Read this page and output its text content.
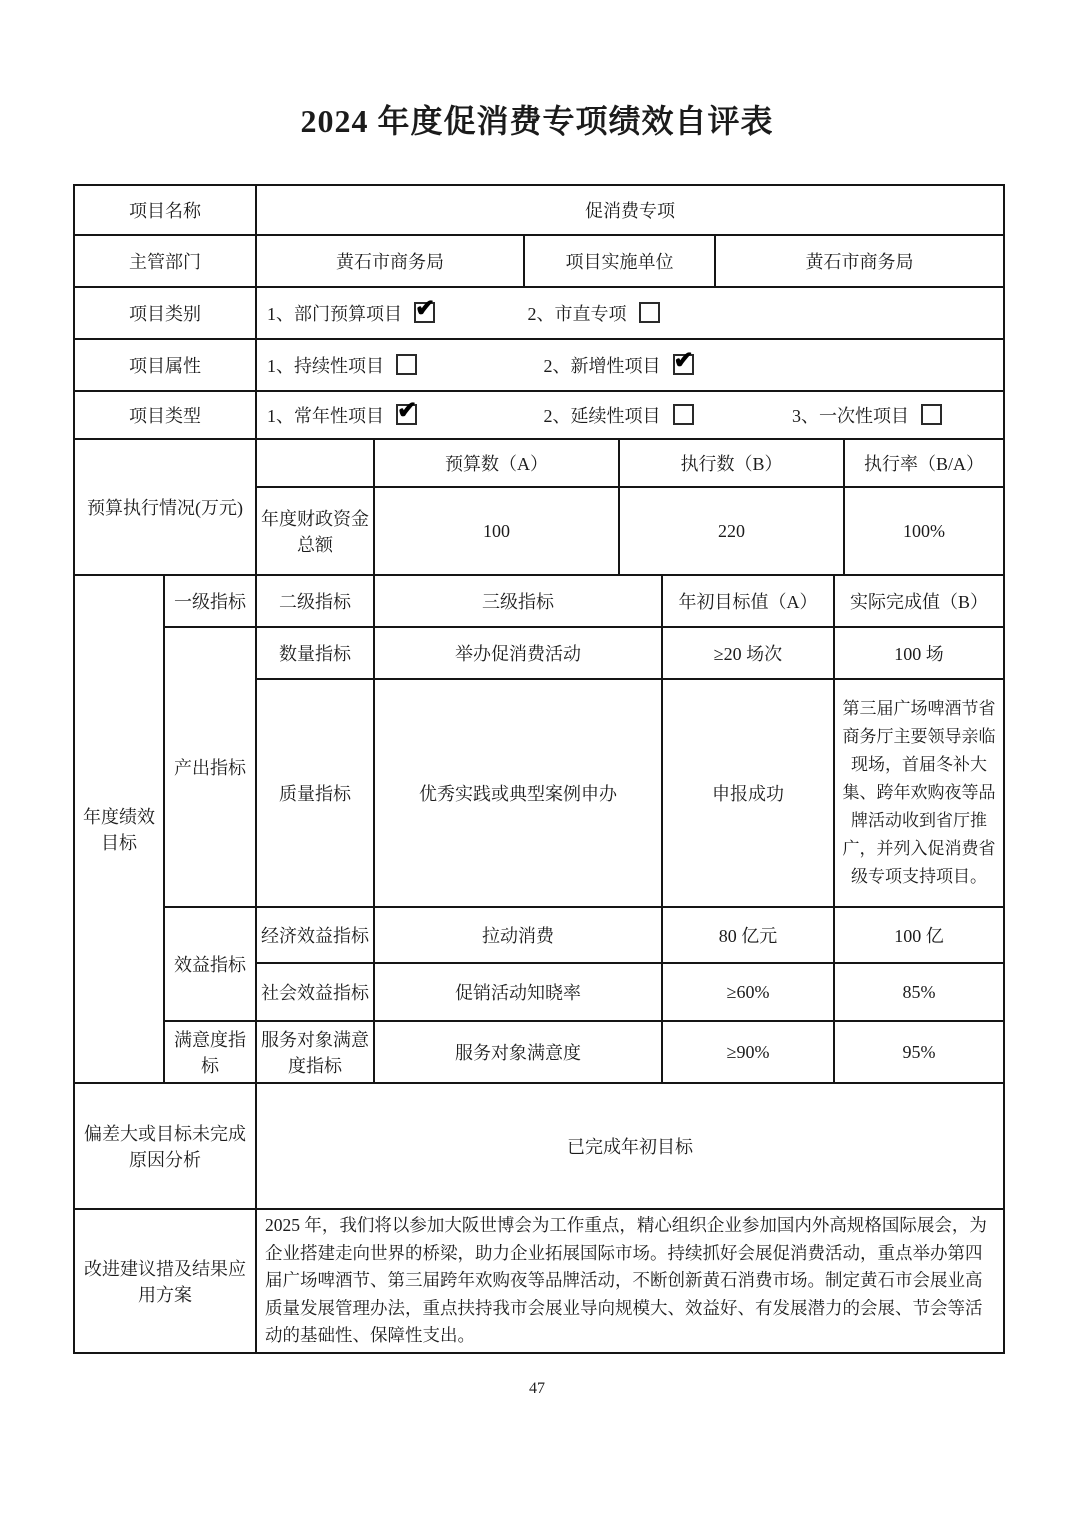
2024 年度促消费专项绩效自评表
项目名称	促消费专项		
主管部门	黄石市商务局	项目实施单位	黄石市商务局
项目类别	1、部门预算项目 ✔ 2、市直专项
项目属性	1、持续性项目 2、新增性项目✔
项目类型	1、常年性项目 ✔ 2、延续性项目 3、一次性项目
预算执行情况(万元)		预算数（A）	执行数（B）	执行率（B/A）
	年度财政资金总额	100	220	100%
年度绩效目标	一级指标	二级指标	三级指标	年初目标值（A）	实际完成值（B）
	产出指标	数量指标	举办促消费活动	≥20 场次	100 场
		质量指标	优秀实践或典型案例申办	申报成功	第三届广场啤酒节省商务厅主要领导亲临现场，首届冬补大集、跨年欢购夜等品牌活动收到省厅推广，并列入促消费省级专项支持项目。
	效益指标	经济效益指标	拉动消费	80 亿元	100 亿
		社会效益指标	促销活动知晓率	≥60%	85%
	满意度指标	服务对象满意度指标	服务对象满意度	≥90%	95%
偏差大或目标未完成原因分析	已完成年初目标
改进建议措及结果应用方案	2025 年，我们将以参加大阪世博会为工作重点，精心组织企业参加国内外高规格国际展会，为企业搭建走向世界的桥梁，助力企业拓展国际市场。持续抓好会展促消费活动，重点举办第四届广场啤酒节、第三届跨年欢购夜等品牌活动，不断创新黄石消费市场。制定黄石市会展业高质量发展管理办法，重点扶持我市会展业导向规模大、效益好、有发展潜力的会展、节会等活动的基础性、保障性支出。
47
